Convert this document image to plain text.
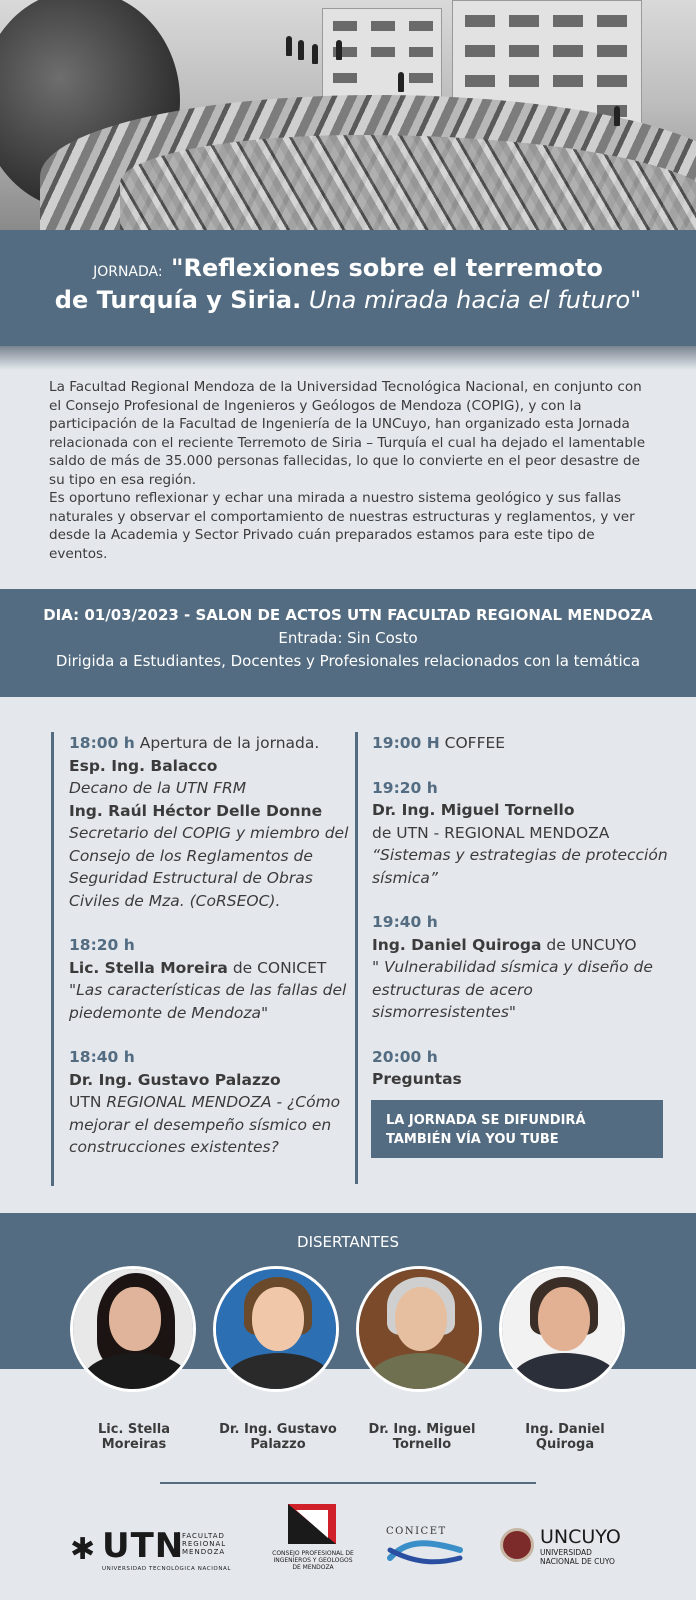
JORNADA: "Reflexiones sobre el terremoto
de Turquía y Siria. Una mirada hacia el futuro"

La Facultad Regional Mendoza de la Universidad Tecnológica Nacional, en conjunto con el Consejo Profesional de Ingenieros y Geólogos de Mendoza (COPIG), y con la participación de la Facultad de Ingeniería de la UNCuyo, han organizado esta Jornada relacionada con el reciente Terremoto de Siria – Turquía el cual ha dejado el lamentable saldo de más de 35.000 personas fallecidas, lo que lo convierte en el peor desastre de su tipo en esa región.

Es oportuno reflexionar y echar una mirada a nuestro sistema geológico y sus fallas naturales y observar el comportamiento de nuestras estructuras y reglamentos, y ver desde la Academia y Sector Privado cuán preparados estamos para este tipo de eventos.

DIA: 01/03/2023 - SALON DE ACTOS UTN FACULTAD REGIONAL MENDOZA
Entrada: Sin Costo
Dirigida a Estudiantes, Docentes y Profesionales relacionados con la temática
18:00 h Apertura de la jornada.
Esp. Ing. Balacco
Decano de la UTN FRM
Ing. Raúl Héctor Delle Donne
Secretario del COPIG y miembro del Consejo de los Reglamentos de Seguridad Estructural de Obras Civiles de Mza. (CoRSEOC).
18:20 h
Lic. Stella Moreira de CONICET
"Las características de las fallas del piedemonte de Mendoza"
18:40 h
Dr. Ing. Gustavo Palazzo
UTN REGIONAL MENDOZA - ¿Cómo mejorar el desempeño sísmico en construcciones existentes?
19:00 H COFFEE
19:20 h
Dr. Ing. Miguel Tornello
de UTN - REGIONAL MENDOZA
“Sistemas y estrategias de protección sísmica”
19:40 h
Ing. Daniel Quiroga de UNCUYO
" Vulnerabilidad sísmica y diseño de estructuras de acero sismorresistentes"
20:00 h
Preguntas
LA JORNADA SE DIFUNDIRÁ
TAMBIÉN VÍA YOU TUBE
DISERTANTES
Lic. Stella
Moreiras
Dr. Ing. Gustavo
Palazzo
Dr. Ing. Miguel
Tornello
Ing. Daniel
Quiroga
✱ UTN
FACULTAD
REGIONAL
MENDOZA
UNIVERSIDAD TECNOLÓGICA NACIONAL
CONSEJO PROFESIONAL DE
INGENIEROS Y GEOLOGOS
DE MENDOZA
CONICET	UNCUYO
UNIVERSIDAD
NACIONAL DE CUYO
